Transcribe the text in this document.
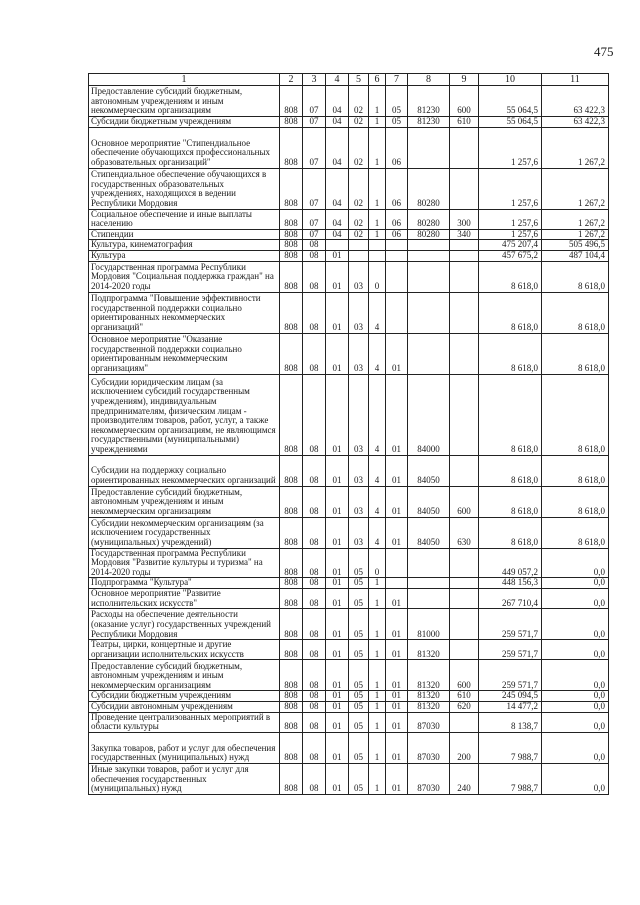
475
1	2	3	4	5	6	7	8	9	10	11
Предоставление субсидий бюджетным, автономным учреждениям и иным некоммерческим организациям	808	07	04	02	1	05	81230	600	55 064,5	63 422,3
Субсидии бюджетным учреждениям	808	07	04	02	1	05	81230	610	55 064,5	63 422,3
Основное мероприятие "Стипендиальное обеспечение обучающихся профессиональных образовательных организаций"	808	07	04	02	1	06			1 257,6	1 267,2
Стипендиальное обеспечение обучающихся в государственных образовательных учреждениях, находящихся в ведении Республики Мордовия	808	07	04	02	1	06	80280		1 257,6	1 267,2
Социальное обеспечение и иные выплаты населению	808	07	04	02	1	06	80280	300	1 257,6	1 267,2
Стипендии	808	07	04	02	1	06	80280	340	1 257,6	1 267,2
Культура, кинематография	808	08							475 207,4	505 496,5
Культура	808	08	01						457 675,2	487 104,4
Государственная программа Республики Мордовия "Социальная поддержка граждан" на 2014-2020 годы	808	08	01	03	0				8 618,0	8 618,0
Подпрограмма "Повышение эффективности государственной поддержки социально ориентированных некоммерческих организаций"	808	08	01	03	4				8 618,0	8 618,0
Основное мероприятие "Оказание государственной поддержки социально ориентированным некоммерческим организациям"	808	08	01	03	4	01			8 618,0	8 618,0
Субсидии юридическим лицам (за исключением субсидий государственным учреждениям), индивидуальным предпринимателям, физическим лицам - производителям товаров, работ, услуг, а также некоммерческим организациям, не являющимся государственными (муниципальными) учреждениями	808	08	01	03	4	01	84000		8 618,0	8 618,0
Субсидии на поддержку социально ориентированных некоммерческих организаций	808	08	01	03	4	01	84050		8 618,0	8 618,0
Предоставление субсидий бюджетным, автономным учреждениям и иным некоммерческим организациям	808	08	01	03	4	01	84050	600	8 618,0	8 618,0
Субсидии некоммерческим организациям (за исключением государственных (муниципальных) учреждений)	808	08	01	03	4	01	84050	630	8 618,0	8 618,0
Государственная программа Республики Мордовия "Развитие культуры и туризма" на 2014-2020 годы	808	08	01	05	0				449 057,2	0,0
Подпрограмма "Культура"	808	08	01	05	1				448 156,3	0,0
Основное мероприятие "Развитие исполнительских искусств"	808	08	01	05	1	01			267 710,4	0,0
Расходы на обеспечение деятельности (оказание услуг) государственных учреждений Республики Мордовия	808	08	01	05	1	01	81000		259 571,7	0,0
Театры, цирки, концертные и другие организации исполнительских искусств	808	08	01	05	1	01	81320		259 571,7	0,0
Предоставление субсидий бюджетным, автономным учреждениям и иным некоммерческим организациям	808	08	01	05	1	01	81320	600	259 571,7	0,0
Субсидии бюджетным учреждениям	808	08	01	05	1	01	81320	610	245 094,5	0,0
Субсидии автономным учреждениям	808	08	01	05	1	01	81320	620	14 477,2	0,0
Проведение централизованных мероприятий в области культуры	808	08	01	05	1	01	87030		8 138,7	0,0
Закупка товаров, работ и услуг для обеспечения государственных (муниципальных) нужд	808	08	01	05	1	01	87030	200	7 988,7	0,0
Иные закупки товаров, работ и услуг для обеспечения государственных (муниципальных) нужд	808	08	01	05	1	01	87030	240	7 988,7	0,0
